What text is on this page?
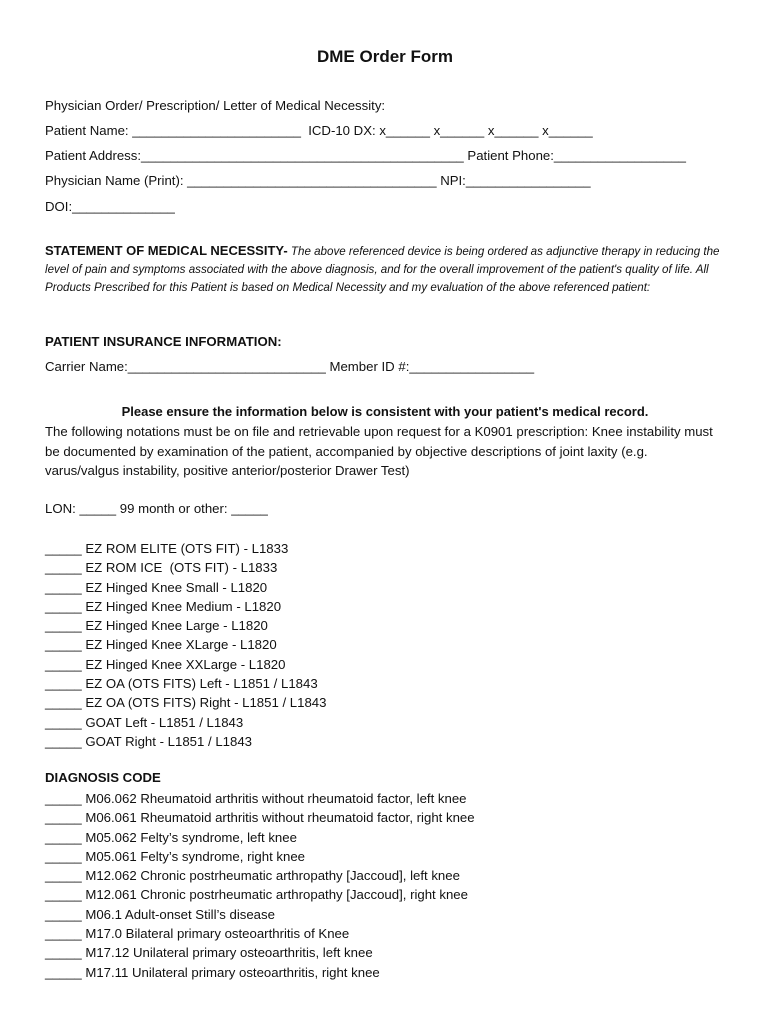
DME Order Form
Physician Order/ Prescription/ Letter of Medical Necessity:
Patient Name: _______________________  ICD-10 DX: x______ x______ x______ x______
Patient Address:____________________________________________ Patient Phone:__________________
Physician Name (Print): __________________________________ NPI:_________________
DOI:______________
STATEMENT OF MEDICAL NECESSITY- The above referenced device is being ordered as adjunctive therapy in reducing the level of pain and symptoms associated with the above diagnosis, and for the overall improvement of the patient's quality of life. All Products Prescribed for this Patient is based on Medical Necessity and my evaluation of the above referenced patient:
PATIENT INSURANCE INFORMATION:
Carrier Name:___________________________ Member ID #:_________________
Please ensure the information below is consistent with your patient's medical record.
The following notations must be on file and retrievable upon request for a K0901 prescription: Knee instability must be documented by examination of the patient, accompanied by objective descriptions of joint laxity (e.g. varus/valgus instability, positive anterior/posterior Drawer Test)
LON: _____ 99 month or other: _____
_____ EZ ROM ELITE (OTS FIT) - L1833
_____ EZ ROM ICE  (OTS FIT) - L1833
_____ EZ Hinged Knee Small - L1820
_____ EZ Hinged Knee Medium - L1820
_____ EZ Hinged Knee Large - L1820
_____ EZ Hinged Knee XLarge - L1820
_____ EZ Hinged Knee XXLarge - L1820
_____ EZ OA (OTS FITS) Left - L1851 / L1843
_____ EZ OA (OTS FITS) Right - L1851 / L1843
_____ GOAT Left - L1851 / L1843
_____ GOAT Right - L1851 / L1843
DIAGNOSIS CODE
_____ M06.062 Rheumatoid arthritis without rheumatoid factor, left knee
_____ M06.061 Rheumatoid arthritis without rheumatoid factor, right knee
_____ M05.062 Felty’s syndrome, left knee
_____ M05.061 Felty’s syndrome, right knee
_____ M12.062 Chronic postrheumatic arthropathy [Jaccoud], left knee
_____ M12.061 Chronic postrheumatic arthropathy [Jaccoud], right knee
_____ M06.1 Adult-onset Still’s disease
_____ M17.0 Bilateral primary osteoarthritis of Knee
_____ M17.12 Unilateral primary osteoarthritis, left knee
_____ M17.11 Unilateral primary osteoarthritis, right knee
